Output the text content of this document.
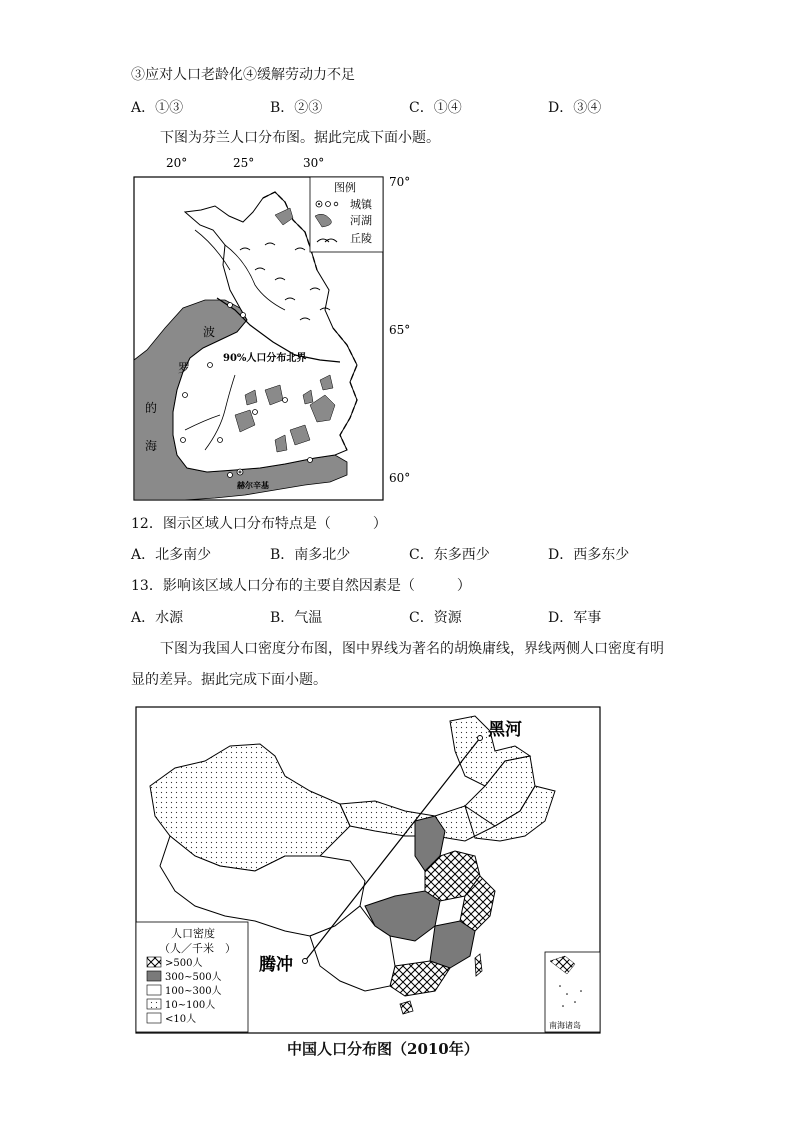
③应对人口老龄化④缓解劳动力不足
A．①③	B．②③	C．①④	D．③④
下图为芬兰人口分布图。据此完成下面小题。
20°	25°	30°
70°
65°
60°
波
罗
的
海
90%人口分布北界
赫尔辛基
图例
城镇
河湖
丘陵
12．图示区域人口分布特点是（　　　）
A．北多南少	B．南多北少	C．东多西少	D．西多东少
13．影响该区域人口分布的主要自然因素是（　　　）
A．水源	B．气温	C．资源	D．军事
下图为我国人口密度分布图，图中界线为著名的胡焕庸线，界线两侧人口密度有明
显的差异。据此完成下面小题。
黑河
腾冲
人口密度
（人／千米　）
>500人
300~500人
100~300人
10~100人
<10人
南海诸岛
中国人口分布图（2010年）
